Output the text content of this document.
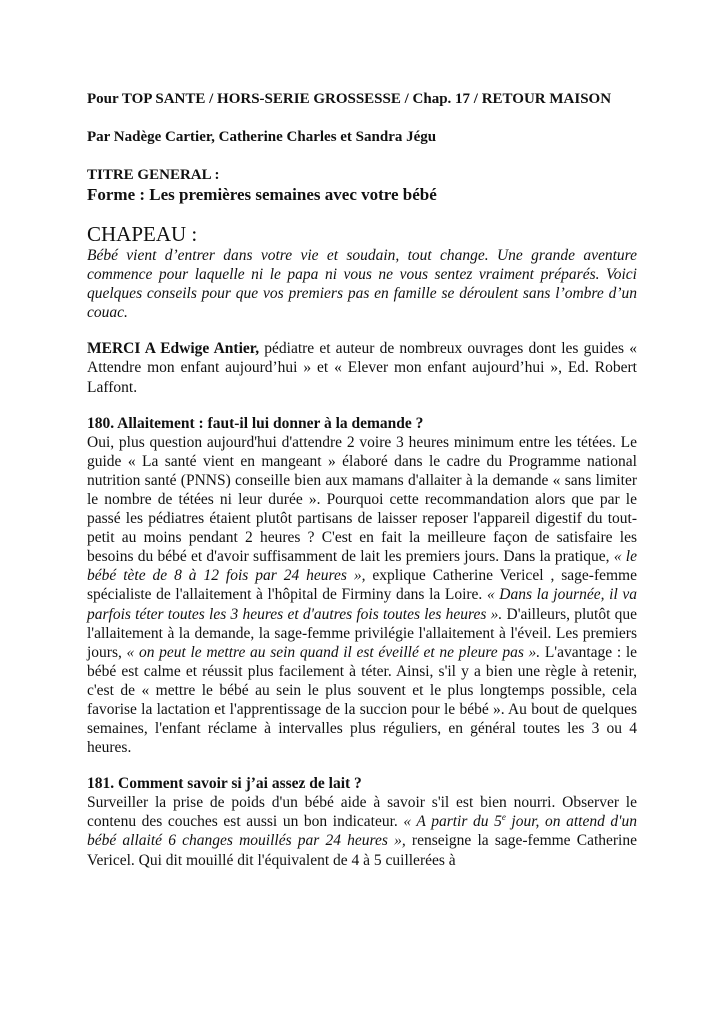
Pour TOP SANTE / HORS-SERIE GROSSESSE / Chap. 17 / RETOUR MAISON

Par Nadège Cartier, Catherine Charles et Sandra Jégu

TITRE GENERAL :

Forme : Les premières semaines avec votre bébé

CHAPEAU :

Bébé vient d’entrer dans votre vie et soudain, tout change. Une grande aventure commence pour laquelle ni le papa ni vous ne vous sentez vraiment préparés. Voici quelques conseils pour que vos premiers pas en famille se déroulent sans l’ombre d’un couac.

MERCI A Edwige Antier, pédiatre et auteur de nombreux ouvrages dont les guides « Attendre mon enfant aujourd’hui » et « Elever mon enfant aujourd’hui », Ed. Robert Laffont.

180. Allaitement : faut-il lui donner à la demande ?

Oui, plus question aujourd'hui d'attendre 2 voire 3 heures minimum entre les tétées. Le guide « La santé vient en mangeant » élaboré dans le cadre du Programme national nutrition santé (PNNS) conseille bien aux mamans d'allaiter à la demande « sans limiter le nombre de tétées ni leur durée ». Pourquoi cette recommandation alors que par le passé les pédiatres étaient plutôt partisans de laisser reposer l'appareil digestif du tout-petit au moins pendant 2 heures ? C'est en fait la meilleure façon de satisfaire les besoins du bébé et d'avoir suffisamment de lait les premiers jours. Dans la pratique, « le bébé tète de 8 à 12 fois par 24 heures », explique Catherine Vericel , sage-femme spécialiste de l'allaitement à l'hôpital de Firminy dans la Loire. « Dans la journée, il va parfois téter toutes les 3 heures et d'autres fois toutes les heures ». D'ailleurs, plutôt que l'allaitement à la demande, la sage-femme privilégie l'allaitement à l'éveil. Les premiers jours, « on peut le mettre au sein quand il est éveillé et ne pleure pas ». L'avantage : le bébé est calme et réussit plus facilement à téter. Ainsi, s'il y a bien une règle à retenir, c'est de « mettre le bébé au sein le plus souvent et le plus longtemps possible, cela favorise la lactation et l'apprentissage de la succion pour le bébé ». Au bout de quelques semaines, l'enfant réclame à intervalles plus réguliers, en général toutes les 3 ou 4 heures.

181. Comment savoir si j’ai assez de lait ?

Surveiller la prise de poids d'un bébé aide à savoir s'il est bien nourri. Observer le contenu des couches est aussi un bon indicateur. « A partir du 5e jour, on attend d'un bébé allaité 6 changes mouillés par 24 heures », renseigne la sage-femme Catherine Vericel. Qui dit mouillé dit l'équivalent de 4 à 5 cuillerées à
